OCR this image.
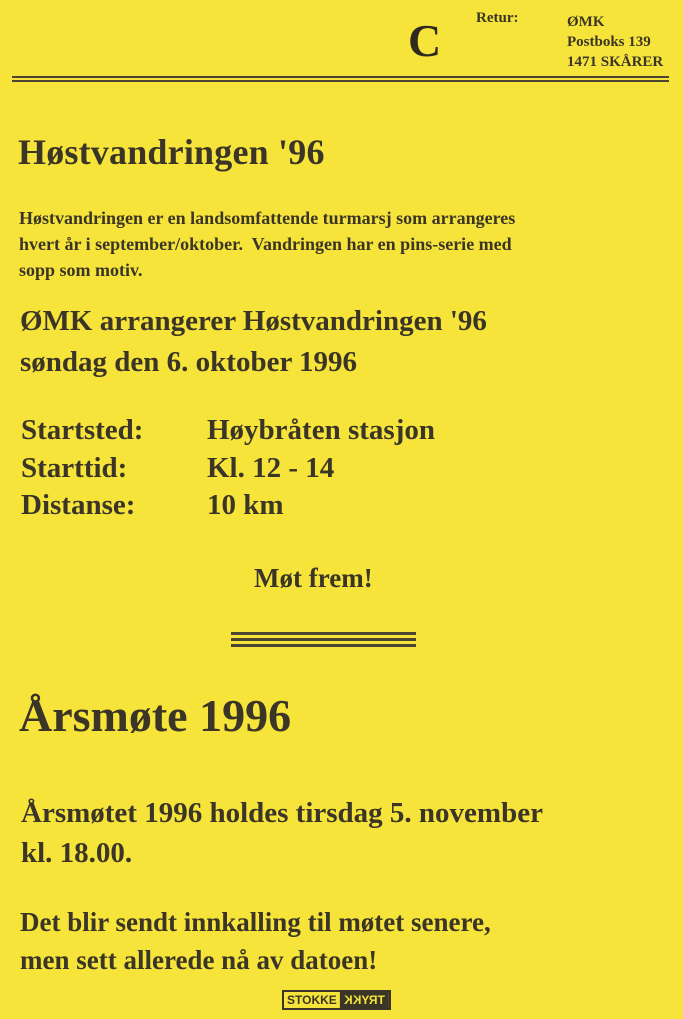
C Retur:	ØMK
Postboks 139
1471 SKÅRER
Høstvandringen '96
Høstvandringen er en landsomfattende turmarsj som arrangeres
hvert år i september/oktober.  Vandringen har en pins-serie med
sopp som motiv.
ØMK arrangerer Høstvandringen '96
søndag den 6. oktober 1996
Startsted: Høybråten stasjon
Starttid:	Kl. 12 - 14
Distanse: 10 km
Møt frem!
Årsmøte 1996
Årsmøtet 1996 holdes tirsdag 5. november
kl. 18.00.
Det blir sendt innkalling til møtet senere,
men sett allerede nå av datoen!
STOKKE TRYKK
